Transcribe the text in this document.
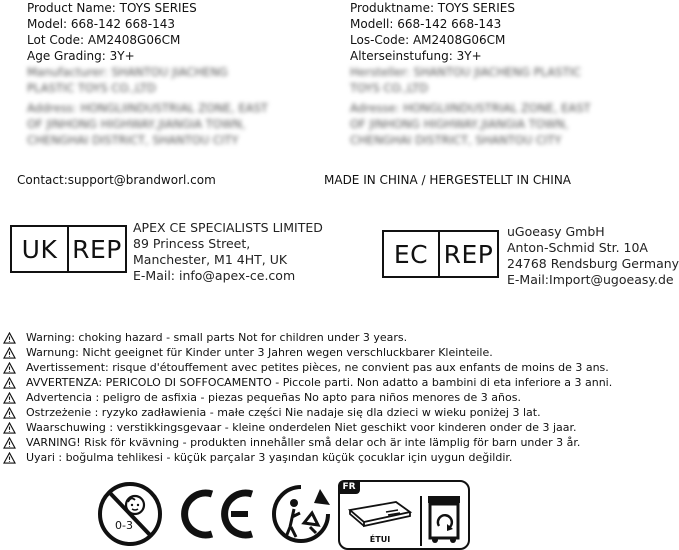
Product Name: TOYS SERIES
Model: 668-142 668-143
Lot Code: AM2408G06CM
Age Grading: 3Y+
Manufacturer: SHANTOU JIACHENG
PLASTIC TOYS CO.,LTD
Address: HONGLIINDUSTRIAL ZONE, EAST
OF JINHONG HIGHWAY,JIANGIA TOWN,
CHENGHAI DISTRICT, SHANTOU CITY
Produktname: TOYS SERIES
Modell: 668-142 668-143
Los-Code: AM2408G06CM
Alterseinstufung: 3Y+
Hersteller: SHANTOU JIACHENG PLASTIC
TOYS CO.,LTD
Adresse: HONGLIINDUSTRIAL ZONE, EAST
OF JINHONG HIGHWAY,JIANGIA TOWN,
CHENGHAI DISTRICT, SHANTOU CITY
Contact:support@brandworl.com	MADE IN CHINA / HERGESTELLT IN CHINA
UK REP
APEX CE SPECIALISTS LIMITED
89 Princess Street,
Manchester, M1 4HT, UK
E-Mail: info@apex-ce.com
EC REP
uGoeasy GmbH
Anton-Schmid Str. 10A
24768 Rendsburg Germany
E-Mail:Import@ugoeasy.de
Warning: choking hazard - small parts Not for children under 3 years.
Warnung: Nicht geeignet für Kinder unter 3 Jahren wegen verschluckbarer Kleinteile.
Avertissement: risque d'étouffement avec petites pièces, ne convient pas aux enfants de moins de 3 ans.
AVVERTENZA: PERICOLO DI SOFFOCAMENTO - Piccole parti. Non adatto a bambini di eta inferiore a 3 anni.
Advertencia : peligro de asfixia - piezas pequeñas No apto para niños menores de 3 años.
Ostrzeżenie : ryzyko zadławienia - małe części Nie nadaje się dla dzieci w wieku poniżej 3 lat.
Waarschuwing : verstikkingsgevaar - kleine onderdelen Niet geschikt voor kinderen onder de 3 jaar.
VARNING! Risk för kvävning - produkten innehåller små delar och är inte lämplig för barn under 3 år.
Uyari : boğulma tehlikesi - küçük parçalar 3 yaşından küçük çocuklar için uygun değildir.
0-3
FR
ÉTUI
